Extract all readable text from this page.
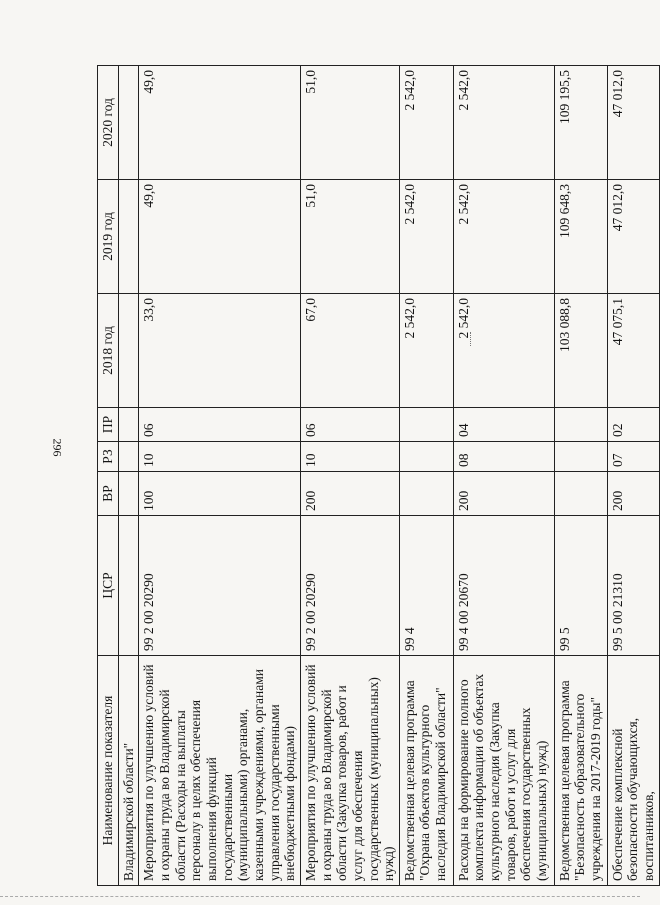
296
Наименование показателя	ЦСР	ВР	РЗ	ПР	2018 год	2019 год	2020 год
Владимирской области"							
Мероприятия по улучшению условий и охраны труда во Владимирской области (Расходы на выплаты персоналу в целях обеспечения выполнения функций государственными (муниципальными) органами, казенными учреждениями, органами управления государственными внебюджетными фондами)	99 2 00 20290	100	10	06	33,0	49,0	49,0
Мероприятия по улучшению условий и охраны труда во Владимирской области (Закупка товаров, работ и услуг для обеспечения государственных (муниципальных) нужд)	99 2 00 20290	200	10	06	67,0	51,0	51,0
Ведомственная целевая программа "Охрана объектов культурного наследия Владимирской области"	99 4				2 542,0	2 542,0	2 542,0
Расходы на формирование полного комплекта информации об объектах культурного наследия (Закупка товаров, работ и услуг для обеспечения государственных (муниципальных) нужд)	99 4 00 20670	200	08	04	2 542,0	2 542,0	2 542,0
Ведомственная целевая программа "Безопасность образовательного учреждения на 2017-2019 годы"	99 5				103 088,8	109 648,3	109 195,5
Обеспечение комплексной безопасности обучающихся, воспитанников,	99 5 00 21310	200	07	02	47 075,1	47 012,0	47 012,0
